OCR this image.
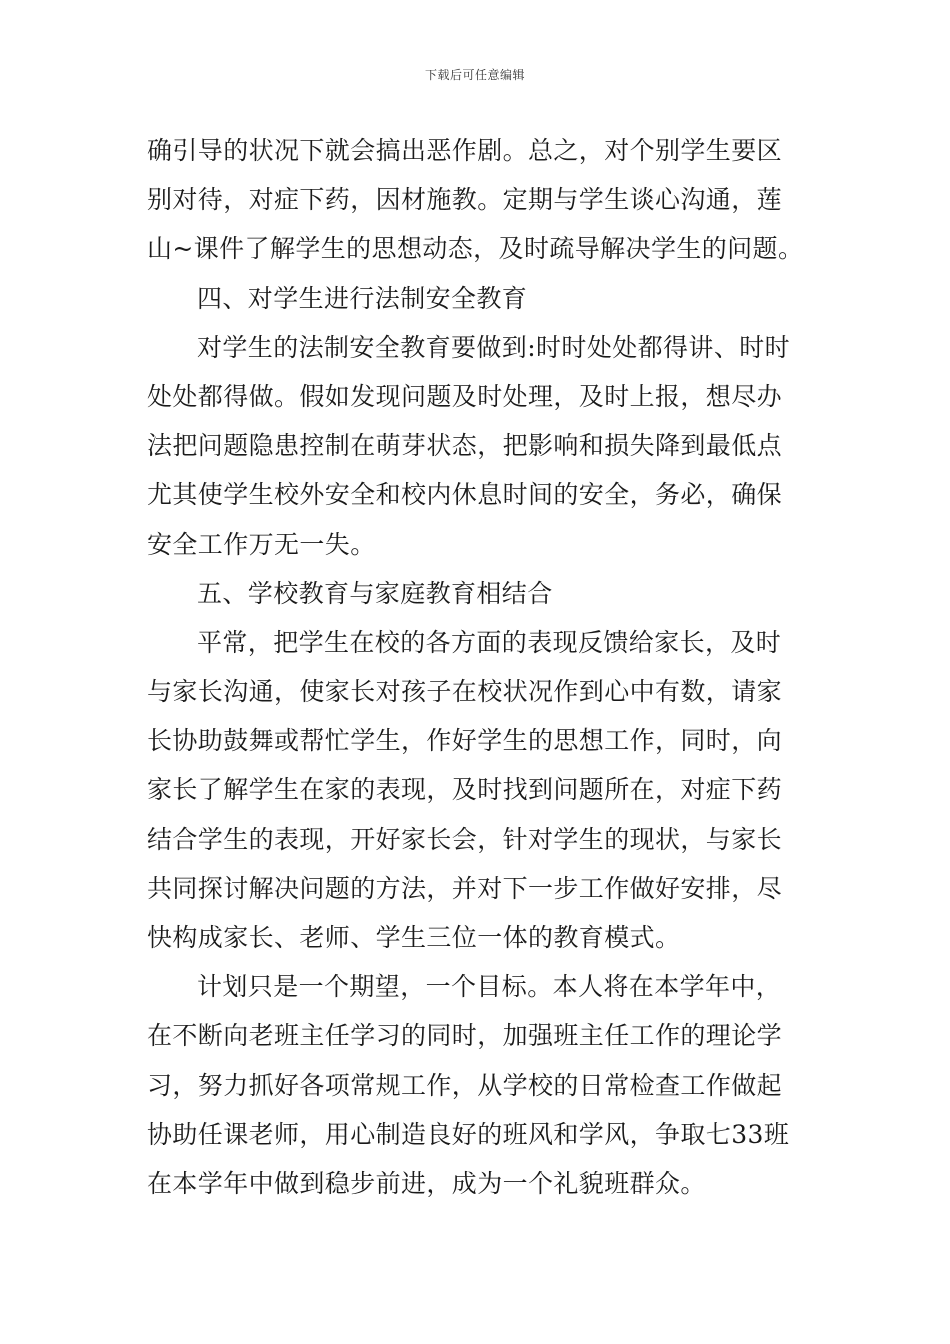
下载后可任意编辑
确引导的状况下就会搞出恶作剧。总之，对个别学生要区
别对待，对症下药，因材施教。定期与学生谈心沟通，莲
山~课件了解学生的思想动态，及时疏导解决学生的问题。
四、对学生进行法制安全教育
对学生的法制安全教育要做到:时时处处都得讲、时时
处处都得做。假如发现问题及时处理，及时上报，想尽办
法把问题隐患控制在萌芽状态，把影响和损失降到最低点
尤其使学生校外安全和校内休息时间的安全，务必，确保
安全工作万无一失。
五、学校教育与家庭教育相结合
平常，把学生在校的各方面的表现反馈给家长，及时
与家长沟通，使家长对孩子在校状况作到心中有数，请家
长协助鼓舞或帮忙学生，作好学生的思想工作，同时，向
家长了解学生在家的表现，及时找到问题所在，对症下药
结合学生的表现，开好家长会，针对学生的现状，与家长
共同探讨解决问题的方法，并对下一步工作做好安排，尽
快构成家长、老师、学生三位一体的教育模式。
计划只是一个期望，一个目标。本人将在本学年中，
在不断向老班主任学习的同时，加强班主任工作的理论学
习，努力抓好各项常规工作，从学校的日常检查工作做起
协助任课老师，用心制造良好的班风和学风，争取七33班
在本学年中做到稳步前进，成为一个礼貌班群众。
